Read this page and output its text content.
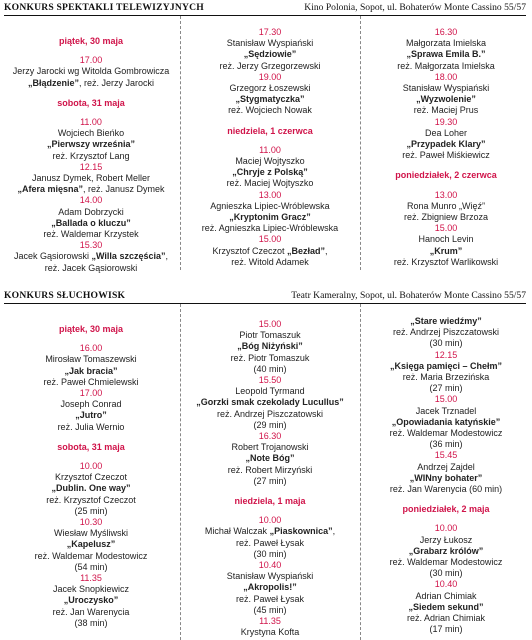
KONKURS SPEKTAKLI TELEWIZYJNYCH	Kino Polonia, Sopot, ul. Bohaterów Monte Cassino 55/57
piątek, 30 maja
17.00
Jerzy Jarocki wg Witolda Gombrowicza
„Błądzenie”, reż. Jerzy Jarocki
sobota, 31 maja
11.00
Wojciech Bieńko
„Pierwszy września”
reż. Krzysztof Lang
12.15
Janusz Dymek, Robert Meller
„Afera mięsna”, reż. Janusz Dymek
14.00
Adam Dobrzycki
„Ballada o kluczu”
reż. Waldemar Krzystek
15.30
Jacek Gąsiorowski „Willa szczęścia”,
reż. Jacek Gąsiorowski
17.30
Stanisław Wyspiański
„Sędziowie”
reż. Jerzy Grzegorzewski
19.00
Grzegorz Łoszewski
„Stygmatyczka”
reż. Wojciech Nowak
niedziela, 1 czerwca
11.00
Maciej Wojtyszko
„Chryje z Polską”
reż. Maciej Wojtyszko
13.00
Agnieszka Lipiec-Wróblewska
„Kryptonim Gracz”
reż. Agnieszka Lipiec-Wróblewska
15.00
Krzysztof Czeczot „Bezład”,
reż. Witold Adamek
16.30
Małgorzata Imielska
„Sprawa Emila B.”
reż. Małgorzata Imielska
18.00
Stanisław Wyspiański
„Wyzwolenie”
reż. Maciej Prus
19.30
Dea Loher
„Przypadek Klary”
reż. Paweł Miśkiewicz
poniedziałek, 2 czerwca
13.00
Rona Munro „Więź”
reż. Zbigniew Brzoza
15.00
Hanoch Levin
„Krum”
reż. Krzysztof Warlikowski
KONKURS SŁUCHOWISK	Teatr Kameralny, Sopot, ul. Bohaterów Monte Cassino 55/57
piątek, 30 maja
16.00
Mirosław Tomaszewski
„Jak bracia”
reż. Paweł Chmielewski
17.00
Joseph Conrad
„Jutro”
reż. Julia Wernio
sobota, 31 maja
10.00
Krzysztof Czeczot
„Dublin. One way”
reż. Krzysztof Czeczot
(25 min)
10.30
Wiesław Myśliwski
„Kapelusz”
reż. Waldemar Modestowicz
(54 min)
11.35
Jacek Snopkiewicz
„Uroczysko”
reż. Jan Warenycia
(38 min)
15.00
Piotr Tomaszuk
„Bóg Niżyński”
reż. Piotr Tomaszuk
(40 min)
15.50
Leopold Tyrmand
„Gorzki smak czekolady Lucullus”
reż. Andrzej Piszczatowski
(29 min)
16.30
Robert Trojanowski
„Note Bóg”
reż. Robert Mirzyński
(27 min)
niedziela, 1 maja
10.00
Michał Walczak „Piaskownica”,
reż. Paweł Łysak
(30 min)
10.40
Stanisław Wyspiański
„Akropolis!”
reż. Paweł Łysak
(45 min)
11.35
Krystyna Kofta
„Stare wiedźmy”
reż. Andrzej Piszczatowski
(30 min)
12.15
„Księga pamięci – Chełm”
reż. Maria Brzezińska
(27 min)
15.00
Jacek Trznadel
„Opowiadania katyńskie”
reż. Waldemar Modestowicz
(36 min)
15.45
Andrzej Zajdel
„WINny bohater”
reż. Jan Warenycia (60 min)
poniedziałek, 2 maja
10.00
Jerzy Łukosz
„Grabarz królów”
reż. Waldemar Modestowicz
(30 min)
10.40
Adrian Chimiak
„Siedem sekund”
reż. Adrian Chimiak
(17 min)
